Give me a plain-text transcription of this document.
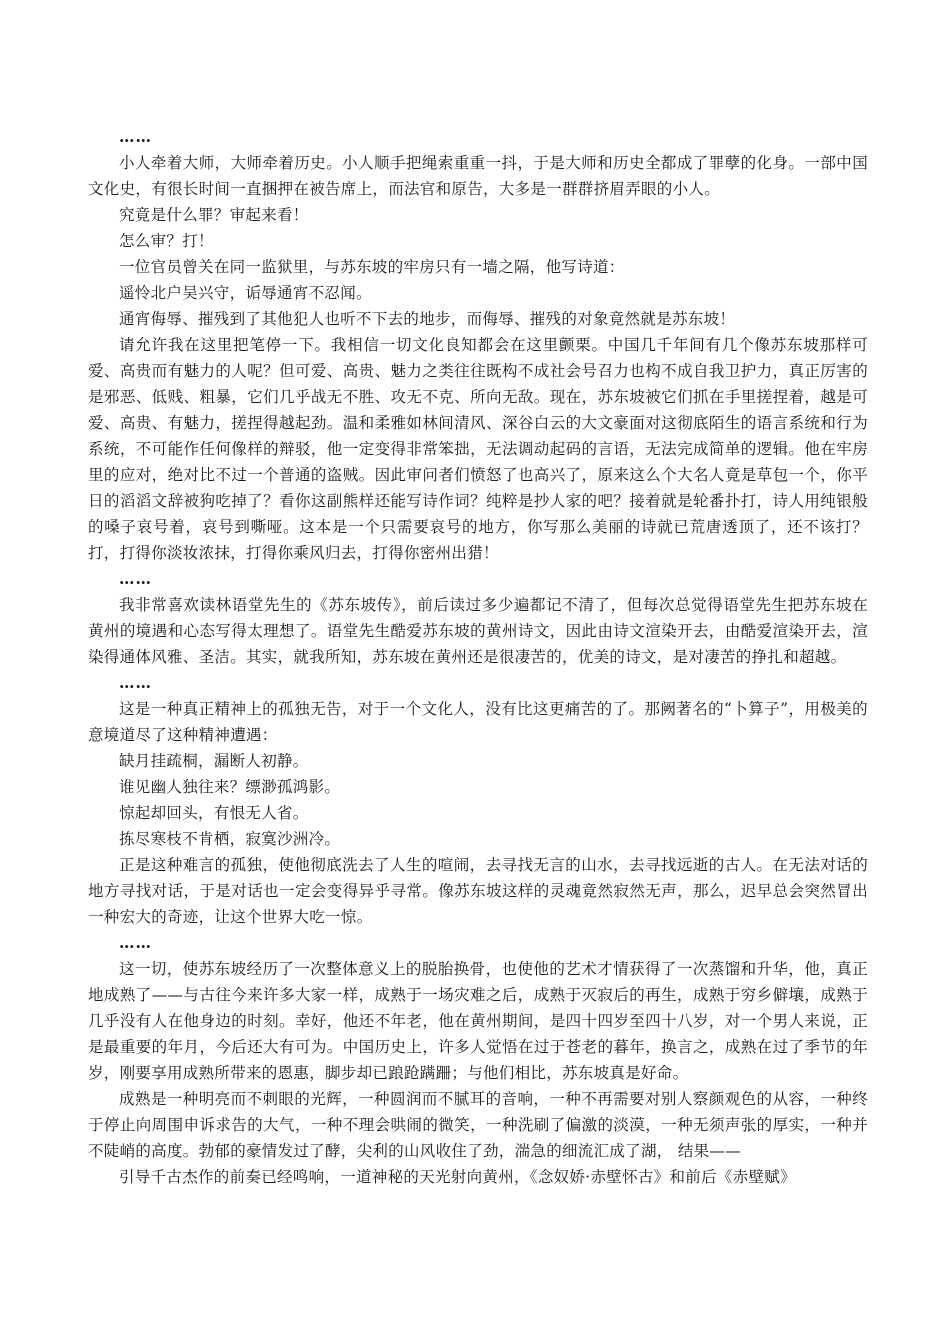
……

小人牵着大师，大师牵着历史。小人顺手把绳索重重一抖，于是大师和历史全都成了罪孽的化身。一部中国文化史，有很长时间一直捆押在被告席上，而法官和原告，大多是一群群挤眉弄眼的小人。

究竟是什么罪？审起来看！

怎么审？打！

一位官员曾关在同一监狱里，与苏东坡的牢房只有一墙之隔，他写诗道：

遥怜北户吴兴守，诟辱通宵不忍闻。

通宵侮辱、摧残到了其他犯人也听不下去的地步，而侮辱、摧残的对象竟然就是苏东坡！

请允许我在这里把笔停一下。我相信一切文化良知都会在这里颤栗。中国几千年间有几个像苏东坡那样可爱、高贵而有魅力的人呢？但可爱、高贵、魅力之类往往既构不成社会号召力也构不成自我卫护力，真正厉害的是邪恶、低贱、粗暴，它们几乎战无不胜、攻无不克、所向无敌。现在，苏东坡被它们抓在手里搓捏着，越是可爱、高贵、有魅力，搓捏得越起劲。温和柔雅如林间清风、深谷白云的大文豪面对这彻底陌生的语言系统和行为系统，不可能作任何像样的辩驳，他一定变得非常笨拙，无法调动起码的言语，无法完成简单的逻辑。他在牢房里的应对，绝对比不过一个普通的盗贼。因此审问者们愤怒了也高兴了，原来这么个大名人竟是草包一个，你平日的滔滔文辞被狗吃掉了？看你这副熊样还能写诗作词？纯粹是抄人家的吧？接着就是轮番扑打，诗人用纯银般的嗓子哀号着，哀号到嘶哑。这本是一个只需要哀号的地方，你写那么美丽的诗就已荒唐透顶了，还不该打？打，打得你淡妆浓抹，打得你乘风归去，打得你密州出猎！

……

我非常喜欢读林语堂先生的《苏东坡传》，前后读过多少遍都记不清了，但每次总觉得语堂先生把苏东坡在黄州的境遇和心态写得太理想了。语堂先生酷爱苏东坡的黄州诗文，因此由诗文渲染开去，由酷爱渲染开去，渲染得通体风雅、圣洁。其实，就我所知，苏东坡在黄州还是很凄苦的，优美的诗文，是对凄苦的挣扎和超越。

……

这是一种真正精神上的孤独无告，对于一个文化人，没有比这更痛苦的了。那阙著名的“卜算子”，用极美的意境道尽了这种精神遭遇：

缺月挂疏桐，漏断人初静。

谁见幽人独往来？缥渺孤鸿影。

惊起却回头，有恨无人省。

拣尽寒枝不肯栖，寂寞沙洲冷。

正是这种难言的孤独，使他彻底洗去了人生的喧闹，去寻找无言的山水，去寻找远逝的古人。在无法对话的地方寻找对话，于是对话也一定会变得异乎寻常。像苏东坡这样的灵魂竟然寂然无声，那么，迟早总会突然冒出一种宏大的奇迹，让这个世界大吃一惊。

……

这一切，使苏东坡经历了一次整体意义上的脱胎换骨，也使他的艺术才情获得了一次蒸馏和升华，他，真正地成熟了——与古往今来许多大家一样，成熟于一场灾难之后，成熟于灭寂后的再生，成熟于穷乡僻壤，成熟于几乎没有人在他身边的时刻。幸好，他还不年老，他在黄州期间，是四十四岁至四十八岁，对一个男人来说，正是最重要的年月，今后还大有可为。中国历史上，许多人觉悟在过于苍老的暮年，换言之，成熟在过了季节的年岁，刚要享用成熟所带来的恩惠，脚步却已踉跄蹒跚；与他们相比，苏东坡真是好命。

成熟是一种明亮而不刺眼的光辉，一种圆润而不腻耳的音响，一种不再需要对别人察颜观色的从容，一种终于停止向周围申诉求告的大气，一种不理会哄闹的微笑，一种洗刷了偏激的淡漠，一种无须声张的厚实，一种并不陡峭的高度。勃郁的豪情发过了酵，尖利的山风收住了劲，湍急的细流汇成了湖， 结果——

引导千古杰作的前奏已经鸣响，一道神秘的天光射向黄州，《念奴娇·赤壁怀古》和前后《赤壁赋》
